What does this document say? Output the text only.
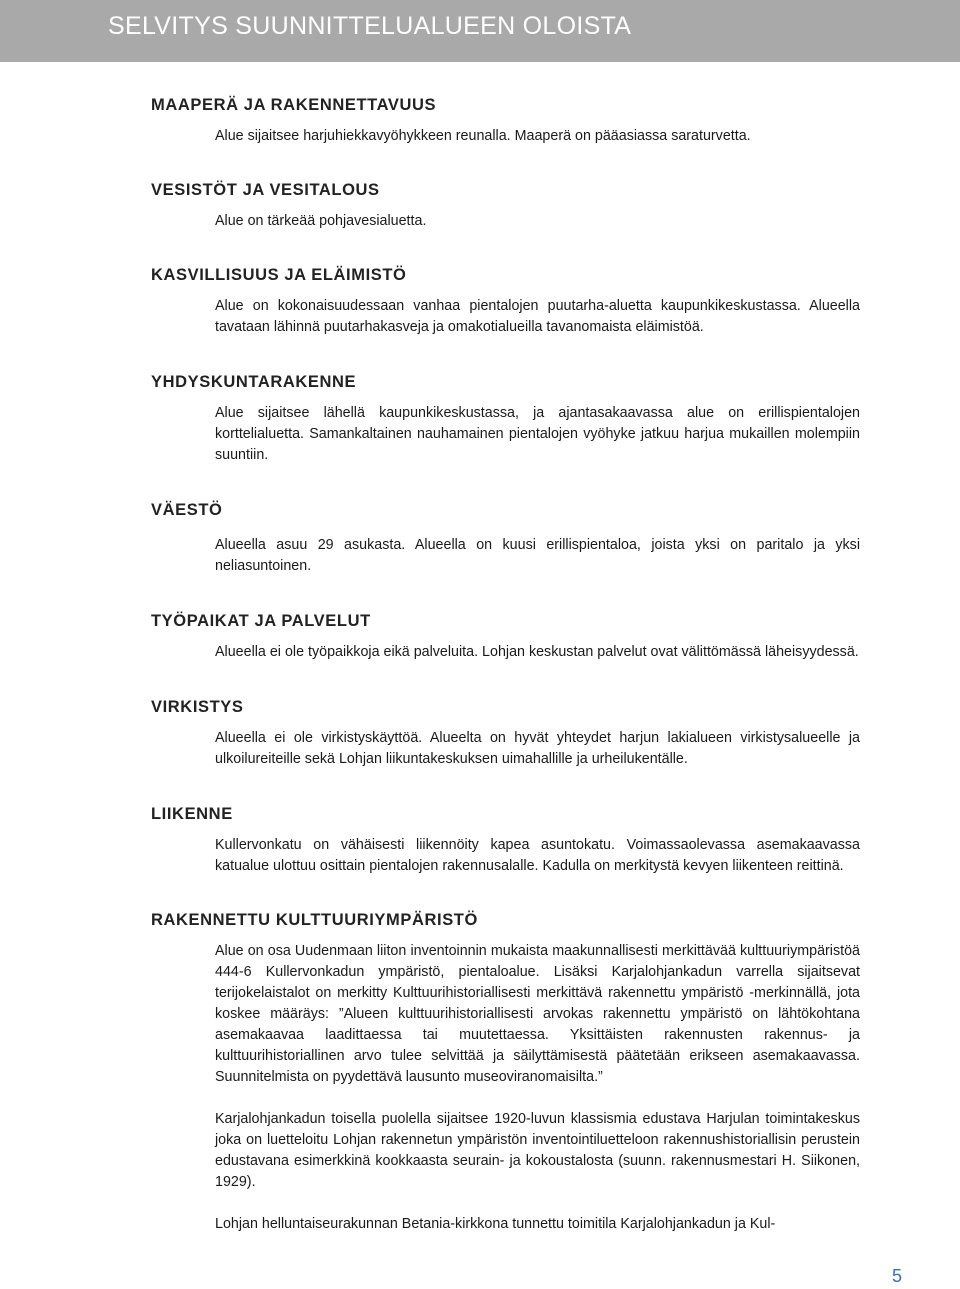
SELVITYS SUUNNITTELUALUEEN OLOISTA
MAAPERÄ JA RAKENNETTAVUUS

Alue sijaitsee harjuhiekkavyöhykkeen reunalla. Maaperä on pääasiassa saraturvetta.

VESISTÖT JA VESITALOUS

Alue on tärkeää pohjavesialuetta.

KASVILLISUUS JA ELÄIMISTÖ

Alue on kokonaisuudessaan vanhaa pientalojen puutarha-aluetta kaupunkikeskustassa. Alueella tavataan lähinnä puutarhakasveja ja omakotialueilla tavanomaista eläimistöä.

YHDYSKUNTARAKENNE

Alue sijaitsee lähellä kaupunkikeskustassa, ja ajantasakaavassa alue on erillispientalojen korttelialuetta. Samankaltainen nauhamainen pientalojen vyöhyke jatkuu harjua mukaillen molempiin suuntiin.

VÄESTÖ

Alueella asuu 29 asukasta. Alueella on kuusi erillispientaloa, joista yksi on paritalo ja yksi neliasuntoinen.

TYÖPAIKAT JA PALVELUT

Alueella ei ole työpaikkoja eikä palveluita. Lohjan keskustan palvelut ovat välittömässä läheisyydessä.

VIRKISTYS

Alueella ei ole virkistyskäyttöä. Alueelta on hyvät yhteydet harjun lakialueen virkistysalueelle ja ulkoilureiteille sekä Lohjan liikuntakeskuksen uimahallille ja urheilukentälle.

LIIKENNE

Kullervonkatu on vähäisesti liikennöity kapea asuntokatu. Voimassaolevassa asemakaavassa katualue ulottuu osittain pientalojen rakennusalalle. Kadulla on merkitystä kevyen liikenteen reittinä.

RAKENNETTU KULTTUURIYMPÄRISTÖ

Alue on osa Uudenmaan liiton inventoinnin mukaista maakunnallisesti merkittävää kulttuuriympäristöä 444-6 Kullervonkadun ympäristö, pientaloalue. Lisäksi Karjalohjankadun varrella sijaitsevat terijokelaistalot on merkitty Kulttuurihistoriallisesti merkittävä rakennettu ympäristö -merkinnällä, jota koskee määräys: ”Alueen kulttuurihistoriallisesti arvokas rakennettu ympäristö on lähtökohtana asemakaavaa laadittaessa tai muutettaessa. Yksittäisten rakennusten rakennus- ja kulttuurihistoriallinen arvo tulee selvittää ja säilyttämisestä päätetään erikseen asemakaavassa. Suunnitelmista on pyydettävä lausunto museoviranomaisilta.”

Karjalohjankadun toisella puolella sijaitsee 1920-luvun klassismia edustava Harjulan toimintakeskus joka on luetteloitu Lohjan rakennetun ympäristön inventointiluetteloon rakennushistoriallisin perustein edustavana esimerkkinä kookkaasta seurain- ja kokoustalosta (suunn. rakennusmestari H. Siikonen, 1929).

Lohjan helluntaiseurakunnan Betania-kirkkona tunnettu toimitila Karjalohjankadun ja Kul-

5
